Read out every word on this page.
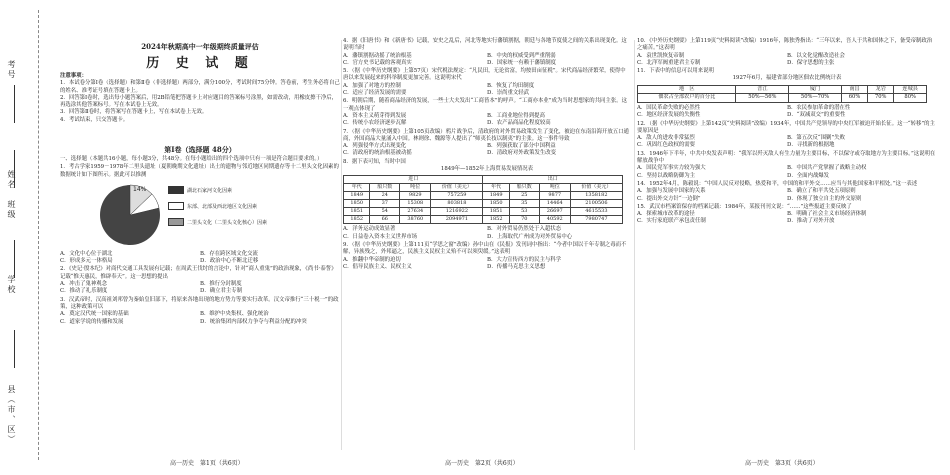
考号
姓名
班级
学校
县（市、区）
2024年秋期高中一年级期终质量评估
历 史 试 题
注意事项：
1．本试卷分第Ⅰ卷（选择题）和第Ⅱ卷（非选择题）两部分，满分100分，考试时间75分钟。答卷前，考生务必将自己的姓名、准考证号填在答题卡上。
2．回答第Ⅰ卷时，选出每小题答案后，用2B铅笔把答题卡上对应题目的答案标号涂黑，如需改动，用橡皮擦干净后，再选涂其他答案标号。写在本试卷上无效。
3．回答第Ⅱ卷时，将答案写在答题卡上，写在本试卷上无效。
4．考试结束，只交答题卡。
第Ⅰ卷（选择题 48分）
一、选择题（本题共16小题，每小题3分，共48分。在每小题给出的四个选项中只有一项是符合题目要求的。）
1．考古学家1959－1978年二里头遗址（夏朝晚期文化遗址）出土的遗物与邻近地区同期遗存等十二里头文化因素的数据统计如下图所示。据此可以推测
14%	湖北石家河文化因素
东部、北部及西北地区文化因素
二里头文化（二里头文化核心）因素
A．文化中心位于湖北	B．存在跨区域文化交流
C．形成多元一体格局	D．政治中心不断北迁移
2．《史记·殷本纪》对商代交通工具发展有记载；在周武王伐纣的言论中，针对“商人重鬼”的政治现象，《尚书·泰誓》记载“惟天惠民，惟辟奉天”。这一思想的提出
A．冲击了鬼神观念	B．推行分封制度
C．推动了礼乐制度	D．确立君主专制
3．汉武帝时，汉高祖刘邦曾为秦始皇旧部下，将原来各地出现的地方势力等要实行改革。汉文帝推行“三十税一”的政策，这种政策可以
A．奠定汉代统一国家的基础	B．维护中央集权、强化统治
C．道家学说的传播和发展	D．统治集团内部权力争夺与利益分配的冲突
高一历史　第1页（共6页）
4．据《旧唐书》和《新唐书》记载，安史之乱后，河北等地实行藩镇割据，朝廷与各地节度使之间的关系出现变化。这说明当时
A．藩镇割据动摇了统治根基	B．中央的权威受到严重削弱
C．官方史书记载的客观真实	D．国家统一有赖于藩镇制度
5．（据《中华历史纲要》上第57页）宋代税法规定：“凡民田，无论贫富，均按田亩征税”。宋代商品经济繁荣，使得中唐以来发展起来的科举制度更加完善。这说明宋代
A．加强了对地方的控制	B．恢复了均田制度
C．适应了经济发展的需要	D．崇尚重文轻武
6．明朝后期，随着商品经济的发展，一些士大夫发出“工商皆本”的呼声。“工商亦本业”成为当时思想家的共同主张。这一观点体现了
A．资本主义萌芽得到发展	B．工商业地位得到提高
C．传统小农经济逐步瓦解	D．农产品商品化程度较高
7．（据《中华历史纲要》上第105页改编）鸦片战争后，清政府的对外贸易政策发生了变化，被迫在东南沿海开放五口通商，外国商品大量涌入中国。林则徐、魏源等人提出了“师夷长技以制夷”的主张。这一事件导致
A．列强侵华方式出现变化	B．列强获取了部分中国利益
C．清政府的统治根基被动摇	D．清政府对外政策发生改变
8．据下表可知，当时中国
1849年—1852年上海贸易发展情况表
进口				出口			
年代	船只数	吨位	价值（美元）	年代	船只数	吨位	价值（美元）
1849	24	9829	757259	1849	25	9877	1358182
1850	37	15308	803818	1850	35	14464	2100506
1851	54	27634	1216922	1851	53	26697	4615533
1852	66	38760	2094971	1852	70	40592	7980747
A．洋务运动成效显著	B．对外贸易仍然处于入超状态
C．日益卷入资本主义世界市场	D．上海取代广州成为对外贸易中心
9．（据《中华历史纲要》上第111页“学思之窗”改编）孙中山在《民报》发刊词中指出：“今者中国以千年专制之毒而不解，异族残之，外邦逼之，民族主义民权主义殆不可以须臾缓。”这表明
A．推翻中华帝制的迫切	B．大力宣传西方的民主与科学
C．倡导民族主义、民权主义	D．传播马克思主义思想
高一历史　第2页（共6页）
10．《中外历史纲要》上第119页“史料阅读”改编）1916年，陈独秀指出：“三年以来，吾人于共和国体之下，备受帝制政治之痛苦。”这表明
A．袁世凯恢复帝制	B．以文化觉醒改造社会
C．北洋军阀重建君主专制	D．保守思想的主张
11．下表中的信息可以用来说明
1927年6月，福建省部分地区佃农比例统计表
地　区	晋江	厦门	南昌	龙岩	连城县
佃农占全部农户的百分比	50%—56%	50%—70%	60%	70%	80%
A．国民革命失败的必然性	B．农民参加革命的潜在性
C．地区经济发展的失衡性	D．“双减双交”的重要性
12．（据《中华历史纲要》上第142页“史料阅读”改编）1934年，中国共产党领导的中央红军被迫开始长征。这一“转移”的主要原因是
A．敌人的进攻非常猛烈	B．第五次反“围剿”失败
C．巩固红色政权的需要	D．寻找新的根据地
13．1946年下半年，中共中央发表声明：“我军以歼灭敌人有生力量为主要目标，不以保守或夺取地方为主要目标。”这说明在解放战争中
A．国民党军事实力较为强大	B．中国共产党掌握了战略主动权
C．坚持以战略防御为主	D．全面内战爆发
14．1952年4月，陈毅说：“中国人民反对侵略，热爱和平，中国的和平外交……应当与其他国家和平相处。”这一表述
A．加强与发展中国家的关系	B．确立了和平共处五项原则
C．提出外交方针“一边倒”	D．体现了独立自主的外交原则
15．武汉市档案馆保存的档案记载：1984年，某报刊刊文说：“……”这些报道主要反映了
A．探索城市改革的途径	B．明确了社会主义市场经济体制
C．实行家庭联产承包责任制	D．推动了对外开放
高一历史　第3页（共6页）
